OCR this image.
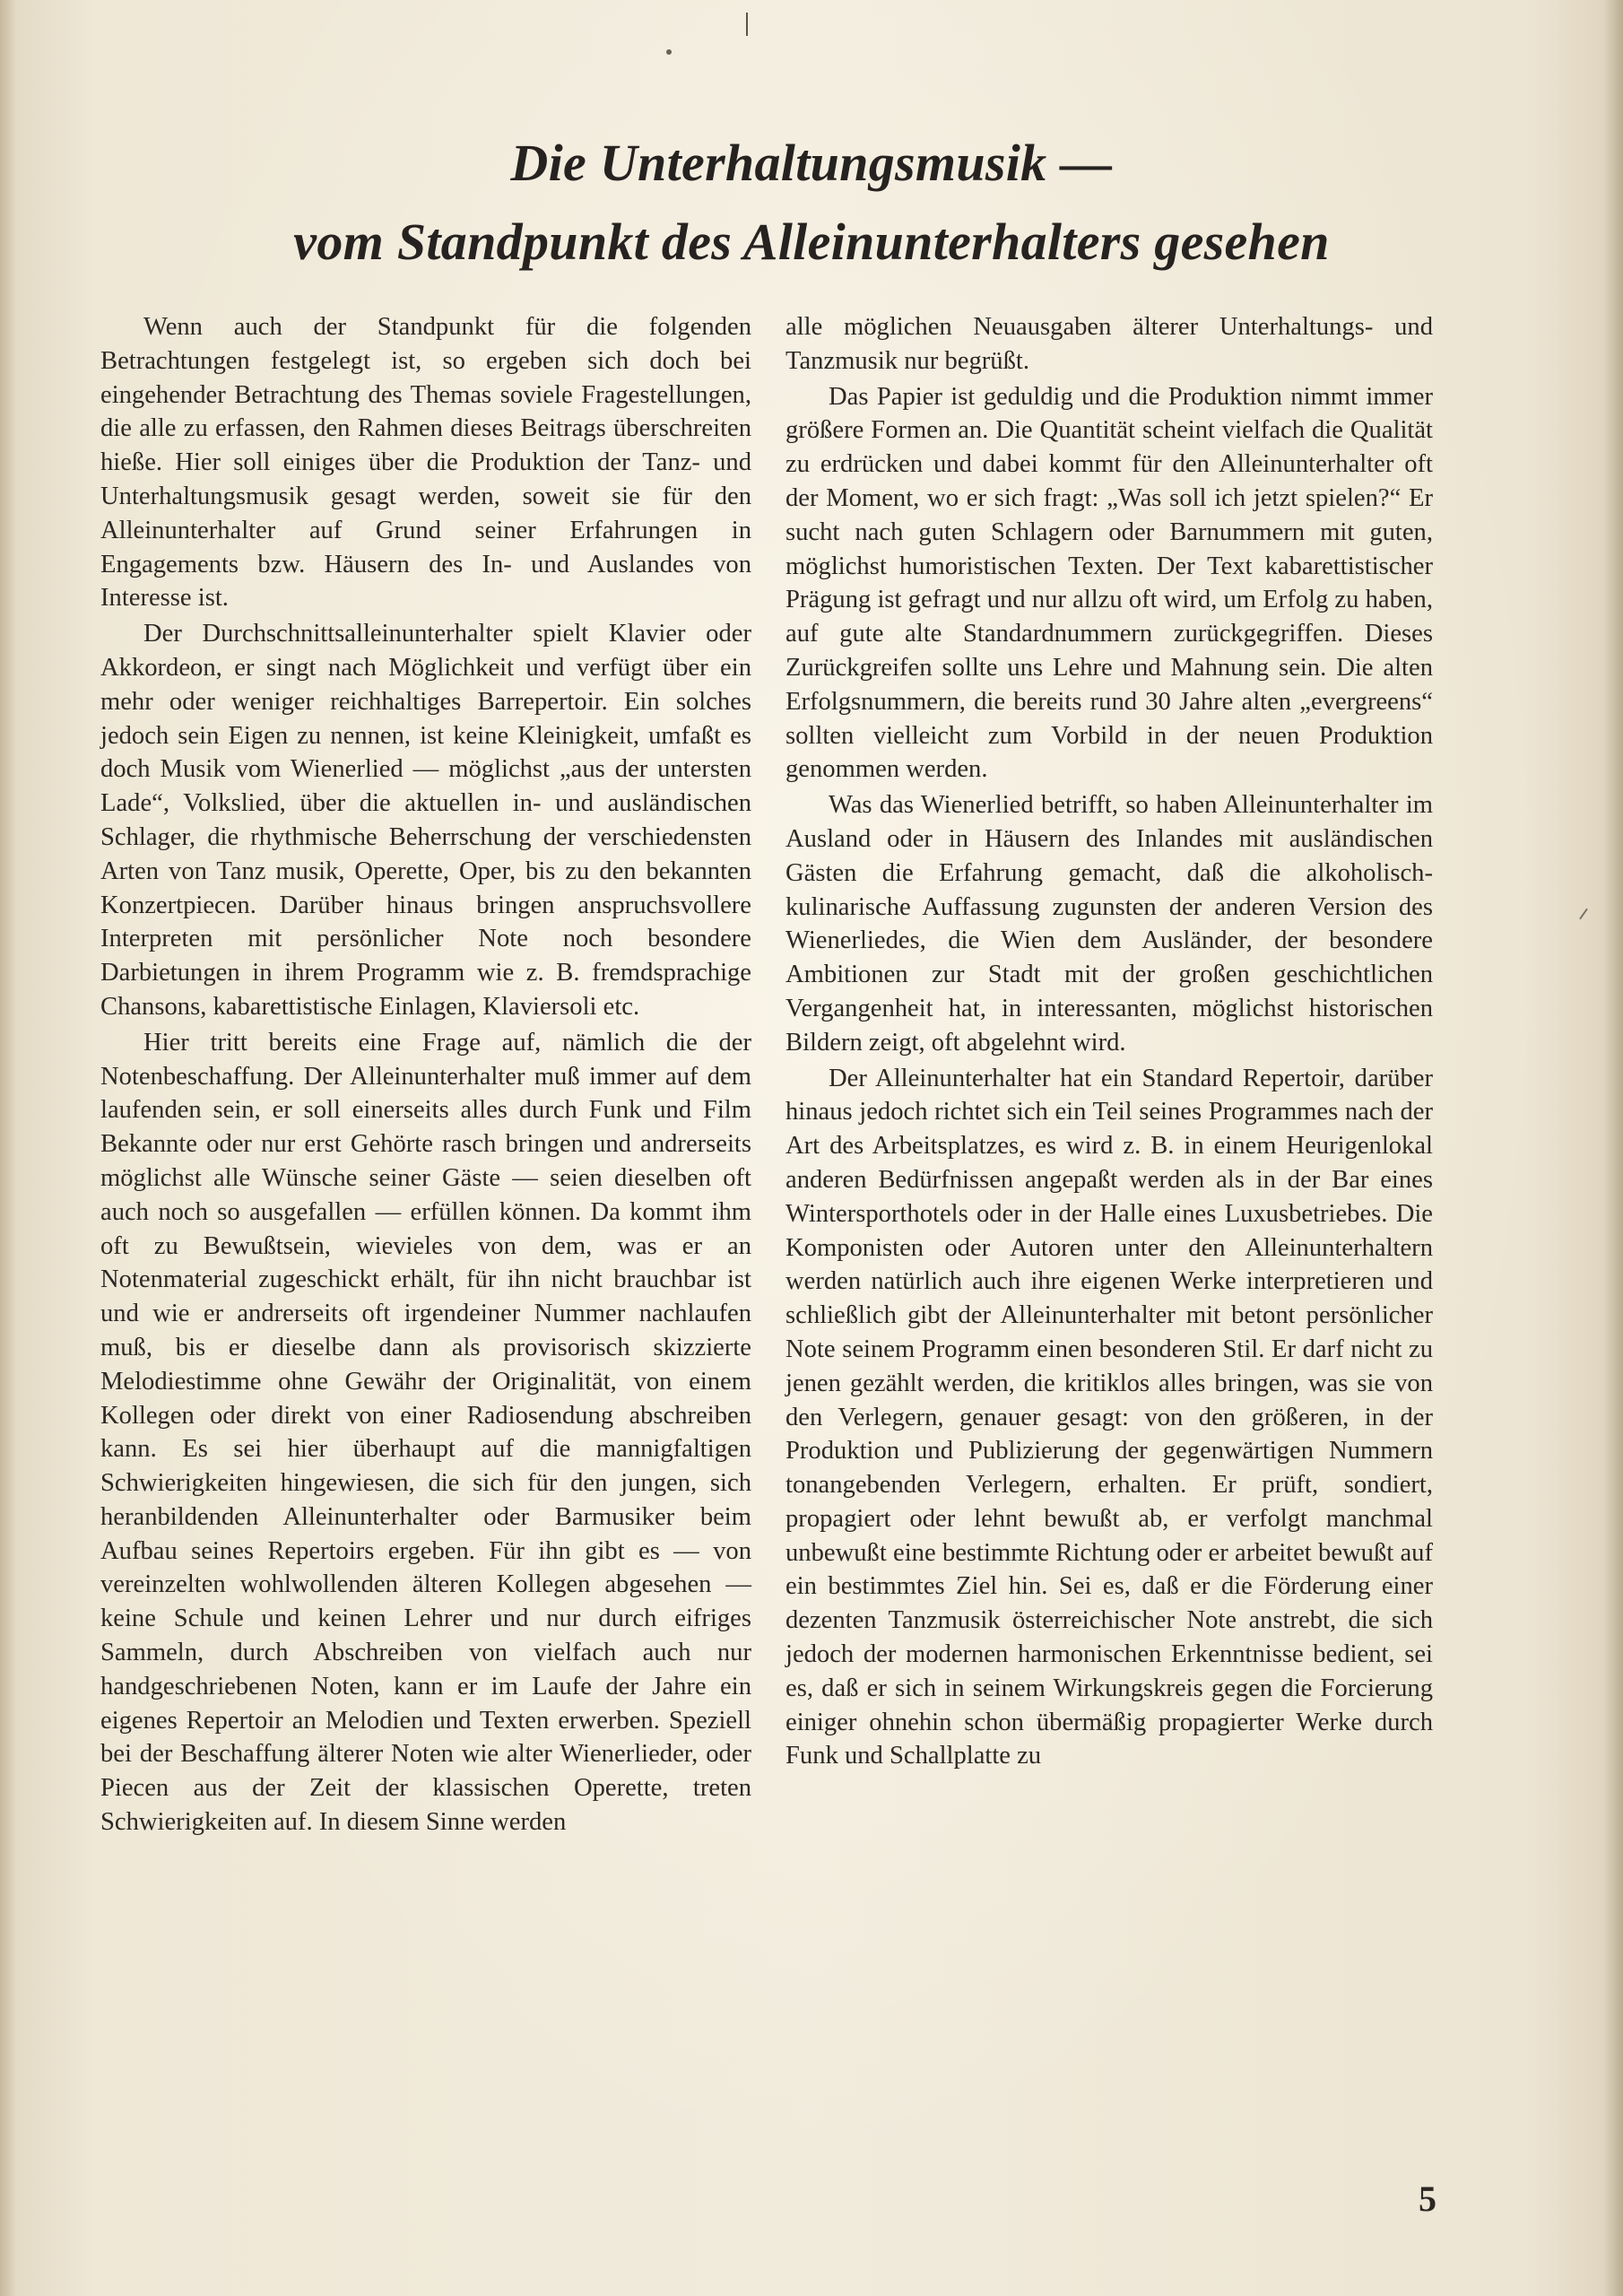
Die Unterhaltungsmusik —
vom Standpunkt des Alleinunterhalters gesehen

Wenn auch der Standpunkt für die folgenden Betrachtungen festgelegt ist, so ergeben sich doch bei eingehender Betrachtung des Themas soviele Fragestellungen, die alle zu erfassen, den Rahmen dieses Beitrags überschreiten hieße. Hier soll einiges über die Produktion der Tanz- und Unterhaltungsmusik gesagt werden, soweit sie für den Alleinunterhalter auf Grund seiner Erfahrungen in Engagements bzw. Häusern des In- und Auslandes von Interesse ist.

Der Durchschnittsalleinunterhalter spielt Klavier oder Akkordeon, er singt nach Möglichkeit und verfügt über ein mehr oder weniger reichhaltiges Barrepertoir. Ein solches jedoch sein Eigen zu nennen, ist keine Kleinigkeit, umfaßt es doch Musik vom Wienerlied — möglichst „aus der untersten Lade“, Volkslied, über die aktuellen in- und ausländischen Schlager, die rhythmische Beherrschung der verschiedensten Arten von Tanz musik, Operette, Oper, bis zu den bekannten Konzertpiecen. Darüber hinaus bringen anspruchsvollere Interpreten mit persönlicher Note noch besondere Darbietungen in ihrem Programm wie z. B. fremdsprachige Chansons, kabarettistische Einlagen, Klaviersoli etc.

Hier tritt bereits eine Frage auf, nämlich die der Notenbeschaffung. Der Alleinunterhalter muß immer auf dem laufenden sein, er soll einerseits alles durch Funk und Film Bekannte oder nur erst Gehörte rasch bringen und andrerseits möglichst alle Wünsche seiner Gäste — seien dieselben oft auch noch so ausgefallen — erfüllen können. Da kommt ihm oft zu Bewußtsein, wievieles von dem, was er an Notenmaterial zugeschickt erhält, für ihn nicht brauchbar ist und wie er andrerseits oft irgendeiner Nummer nachlaufen muß, bis er dieselbe dann als provisorisch skizzierte Melodiestimme ohne Gewähr der Originalität, von einem Kollegen oder direkt von einer Radiosendung abschreiben kann. Es sei hier überhaupt auf die mannigfaltigen Schwierigkeiten hingewiesen, die sich für den jungen, sich heranbildenden Alleinunterhalter oder Barmusiker beim Aufbau seines Repertoirs ergeben. Für ihn gibt es — von vereinzelten wohlwollenden älteren Kollegen abgesehen — keine Schule und keinen Lehrer und nur durch eifriges Sammeln, durch Abschreiben von vielfach auch nur handgeschriebenen Noten, kann er im Laufe der Jahre ein eigenes Repertoir an Melodien und Texten erwerben. Speziell bei der Beschaffung älterer Noten wie alter Wienerlieder, oder Piecen aus der Zeit der klassischen Operette, treten Schwierigkeiten auf. In diesem Sinne werden

alle möglichen Neuausgaben älterer Unterhaltungs- und Tanzmusik nur begrüßt.

Das Papier ist geduldig und die Produktion nimmt immer größere Formen an. Die Quantität scheint vielfach die Qualität zu erdrücken und dabei kommt für den Alleinunterhalter oft der Moment, wo er sich fragt: „Was soll ich jetzt spielen?“ Er sucht nach guten Schlagern oder Barnummern mit guten, möglichst humoristischen Texten. Der Text kabarettistischer Prägung ist gefragt und nur allzu oft wird, um Erfolg zu haben, auf gute alte Standardnummern zurückgegriffen. Dieses Zurückgreifen sollte uns Lehre und Mahnung sein. Die alten Erfolgsnummern, die bereits rund 30 Jahre alten „evergreens“ sollten vielleicht zum Vorbild in der neuen Produktion genommen werden.

Was das Wienerlied betrifft, so haben Alleinunterhalter im Ausland oder in Häusern des Inlandes mit ausländischen Gästen die Erfahrung gemacht, daß die alkoholisch-kulinarische Auffassung zugunsten der anderen Version des Wienerliedes, die Wien dem Ausländer, der besondere Ambitionen zur Stadt mit der großen geschichtlichen Vergangenheit hat, in interessanten, möglichst historischen Bildern zeigt, oft abgelehnt wird.

Der Alleinunterhalter hat ein Standard Repertoir, darüber hinaus jedoch richtet sich ein Teil seines Programmes nach der Art des Arbeitsplatzes, es wird z. B. in einem Heurigenlokal anderen Bedürfnissen angepaßt werden als in der Bar eines Wintersporthotels oder in der Halle eines Luxusbetriebes. Die Komponisten oder Autoren unter den Alleinunterhaltern werden natürlich auch ihre eigenen Werke interpretieren und schließlich gibt der Alleinunterhalter mit betont persönlicher Note seinem Programm einen besonderen Stil. Er darf nicht zu jenen gezählt werden, die kritiklos alles bringen, was sie von den Verlegern, genauer gesagt: von den größeren, in der Produktion und Publizierung der gegenwärtigen Nummern tonangebenden Verlegern, erhalten. Er prüft, sondiert, propagiert oder lehnt bewußt ab, er verfolgt manchmal unbewußt eine bestimmte Richtung oder er arbeitet bewußt auf ein bestimmtes Ziel hin. Sei es, daß er die Förderung einer dezenten Tanzmusik österreichischer Note anstrebt, die sich jedoch der modernen harmonischen Erkenntnisse bedient, sei es, daß er sich in seinem Wirkungskreis gegen die Forcierung einiger ohnehin schon übermäßig propagierter Werke durch Funk und Schallplatte zu

5
